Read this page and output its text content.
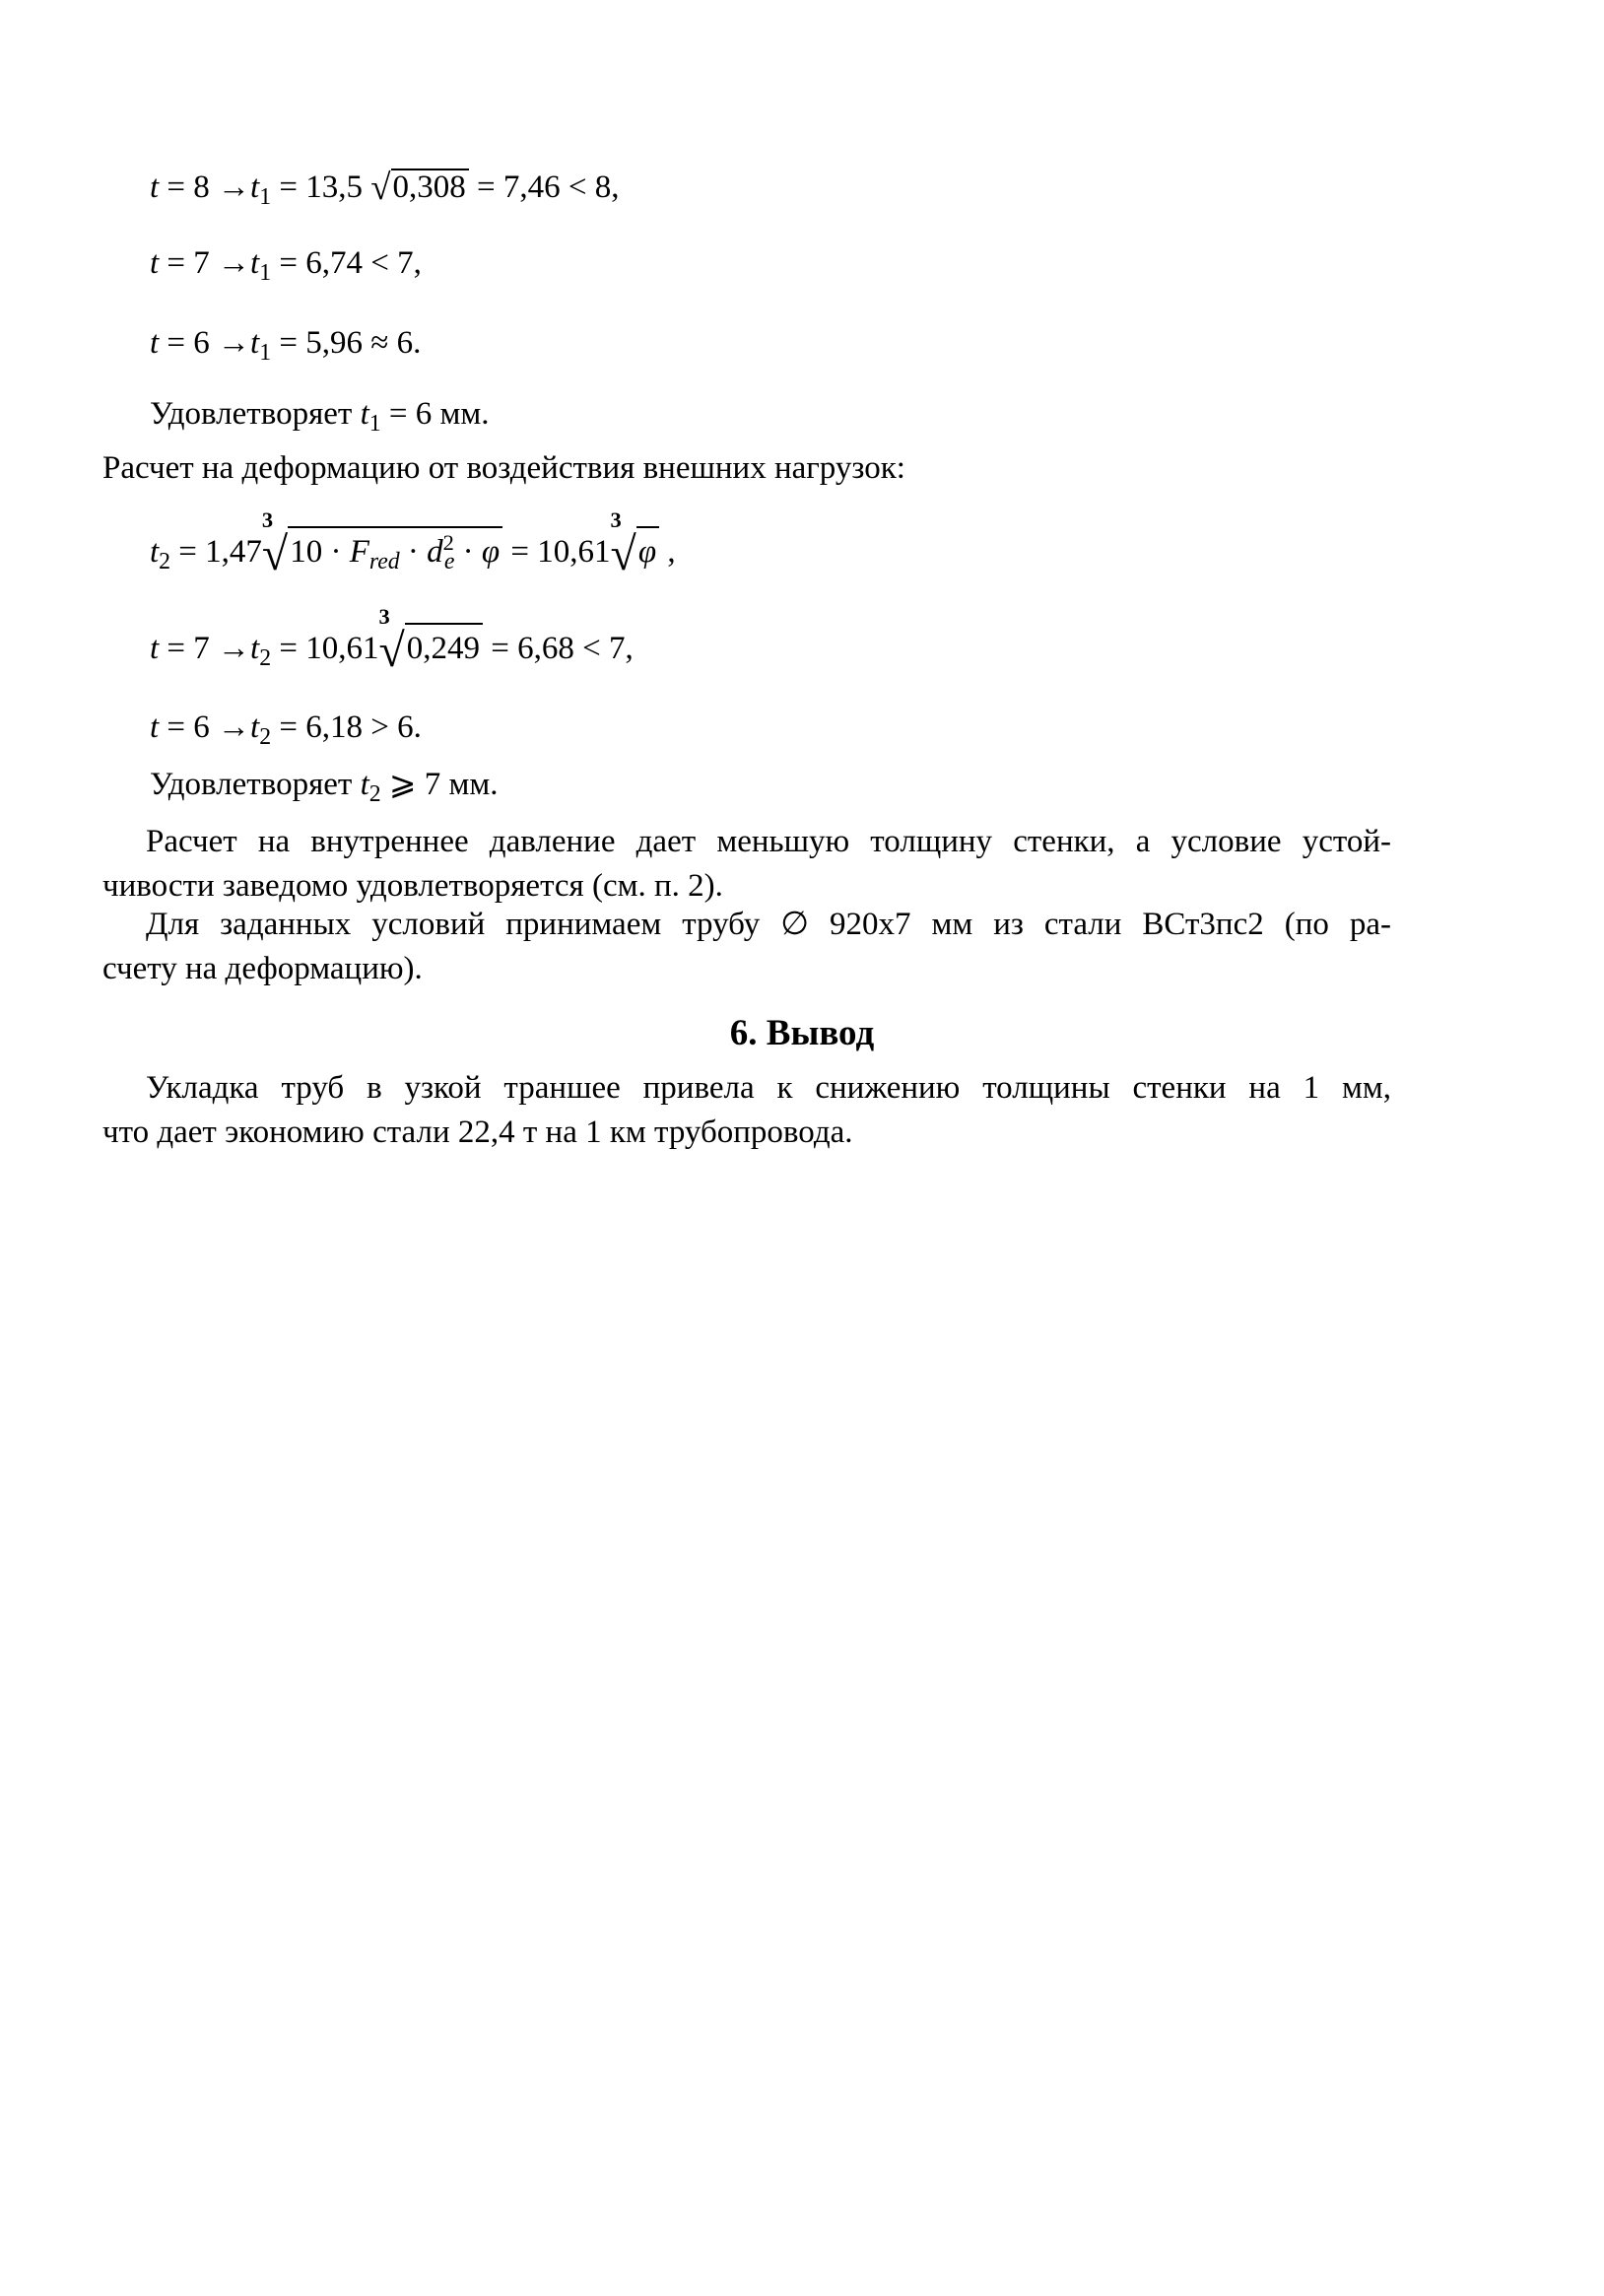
$t = 8 \to t_1 = 13,5$ √0,308 = 7,46 < 8,
$t = 7 \to t_1 = 6,74 < 7$,
$t = 6 \to t_1 = 5,96 \approx 6$.
Удовлетворяет $t_1 = 6$ мм.
Расчет на деформацию от воздействия внешних нагрузок:
$t_2 = 1,47$
3
$√10 \cdot F_{red} \cdot d^2_e \cdot \varphi = 10,61$
3
√φ ,
$t = 7 \to t_2 = 10,61$
3
√0,249 = 6,68 < 7,
$t = 6 \to t_2 = 6,18 > 6$.
Удовлетворяет $t_2$ ⩾ 7 мм.
Расчет на внутреннее давление дает меньшую толщину стенки, а условие устой-
чивости заведомо удовлетворяется (см. п. 2).
Для заданных условий принимаем трубу ∅ 920х7 мм из стали ВСт3пс2 (по ра-
счету на деформацию).
6. Вывод
Укладка труб в узкой траншее привела к снижению толщины стенки на 1 мм,
что дает экономию стали 22,4 т на 1 км трубопровода.
